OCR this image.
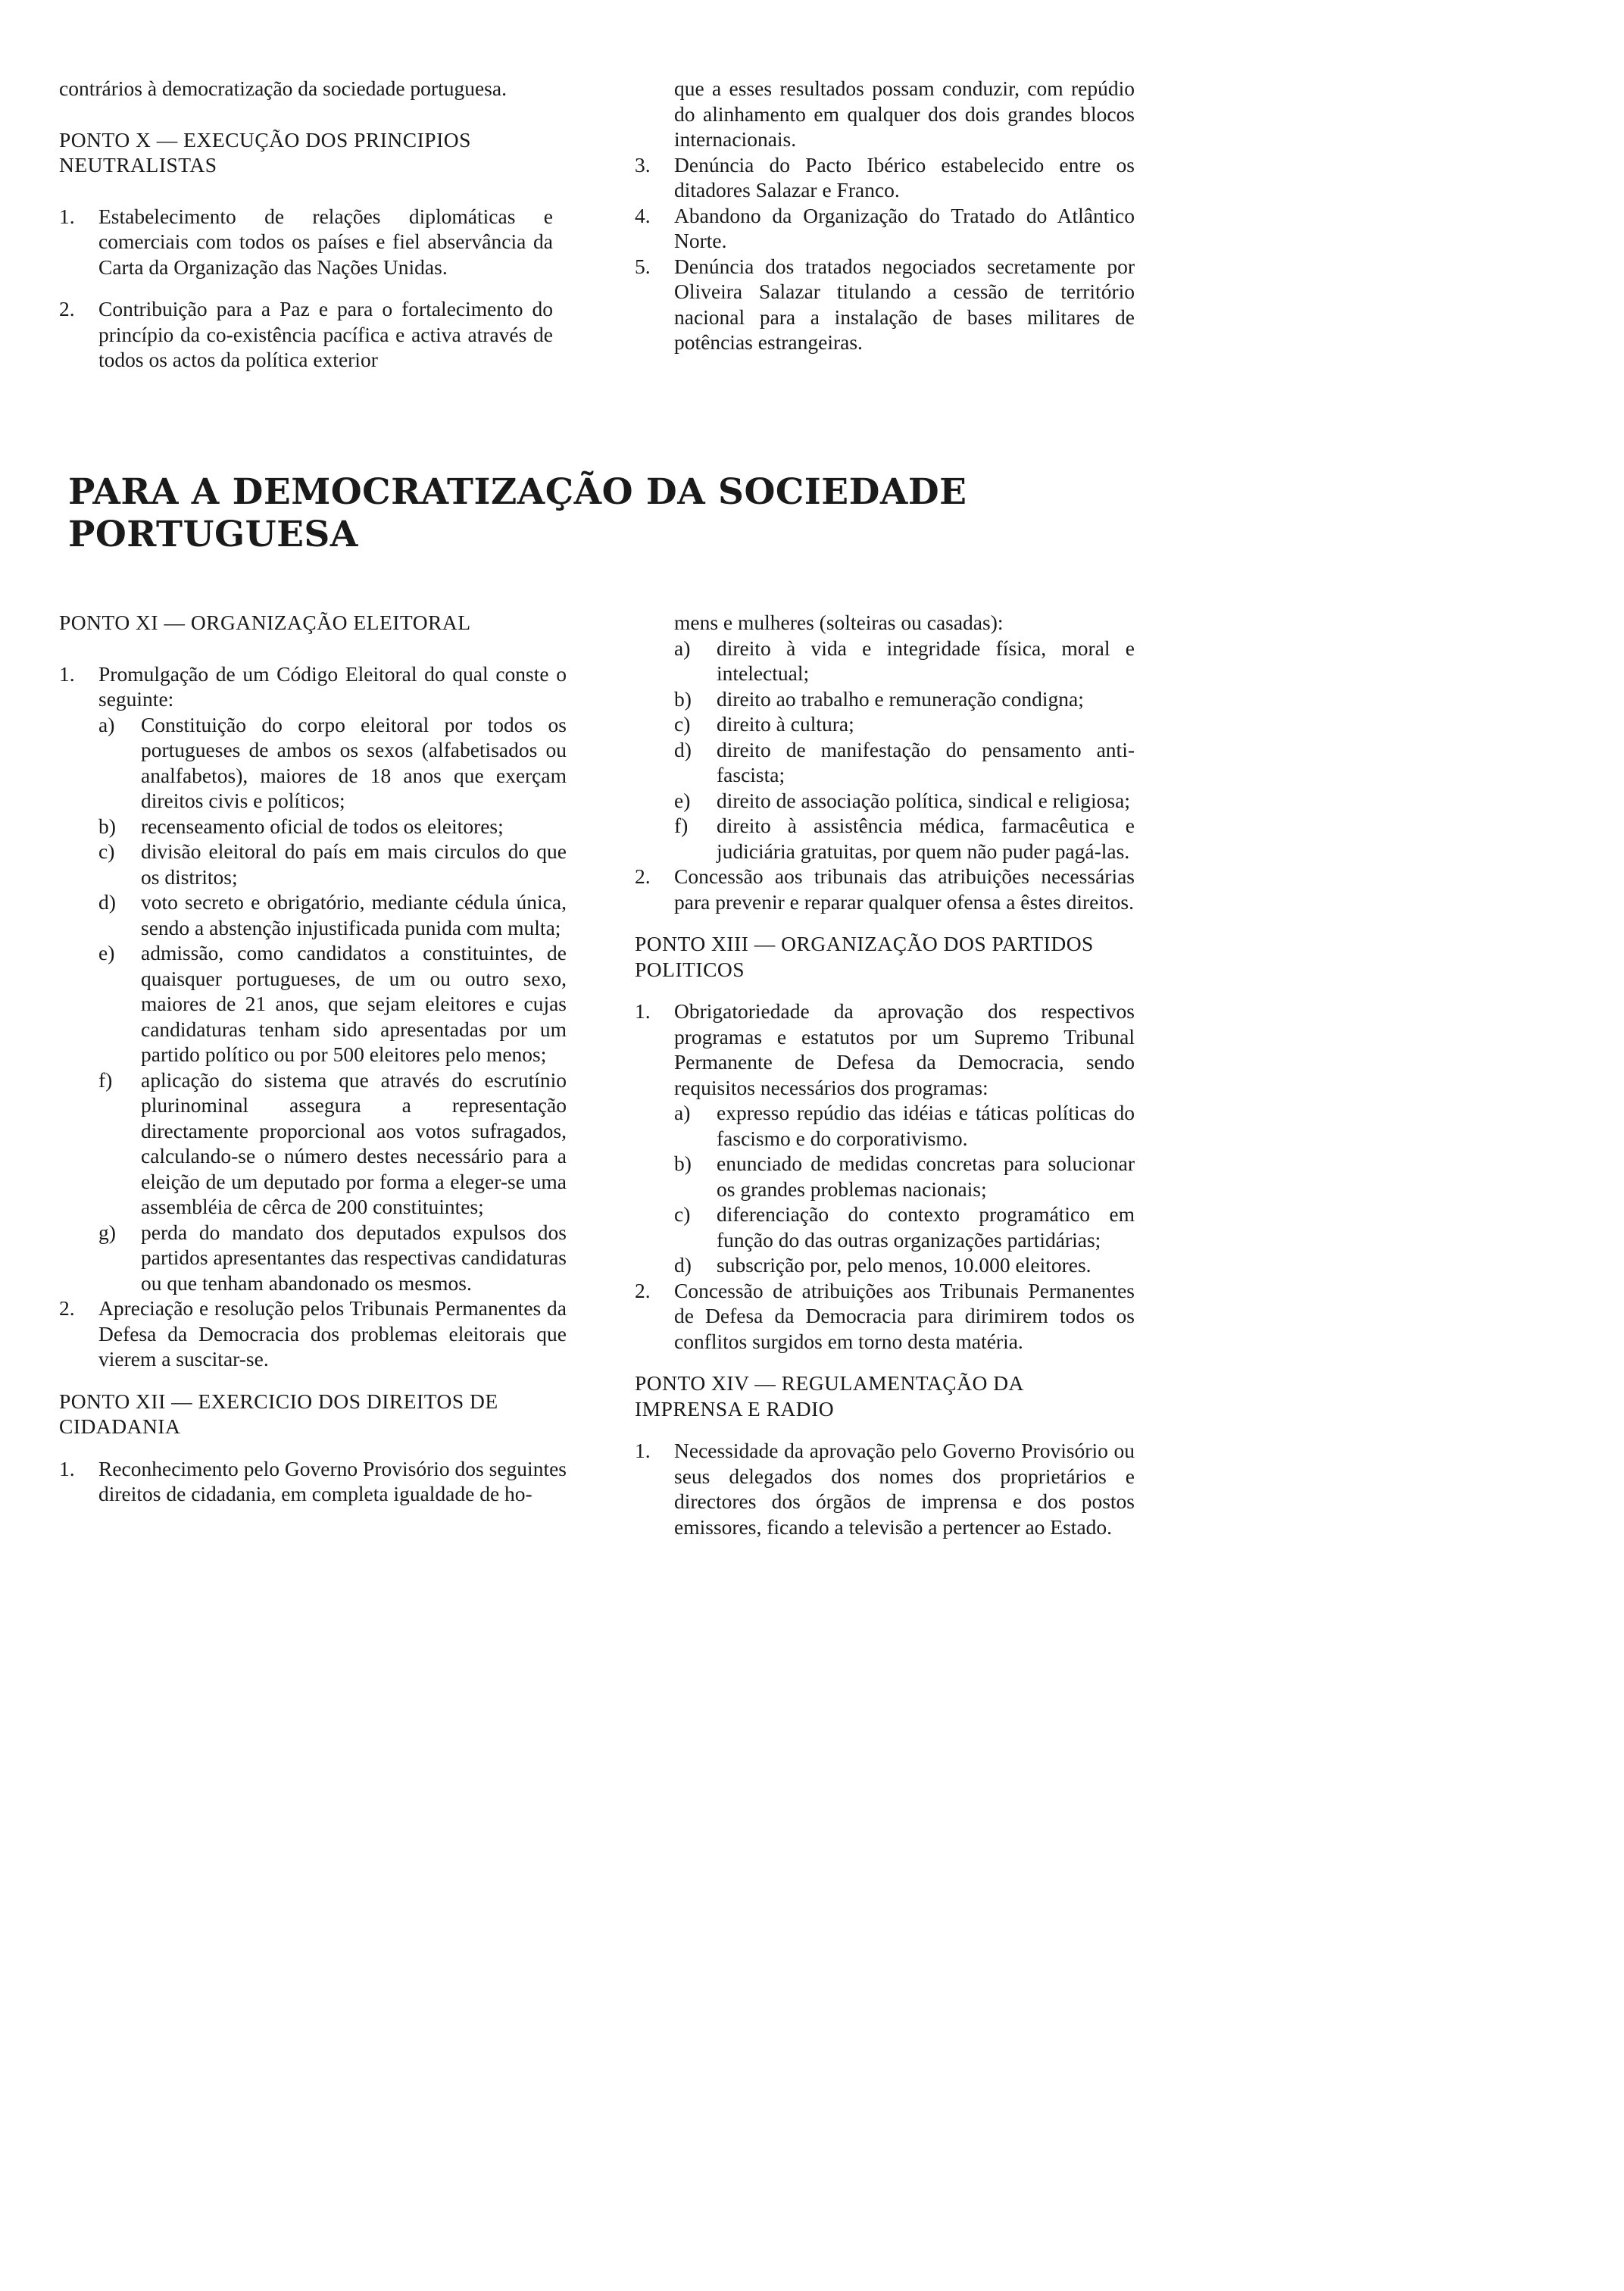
contrários à democratização da sociedade portuguesa.

PONTO X — EXECUÇÃO DOS PRINCIPIOS NEUTRALISTAS

1.	Estabelecimento de relações diplomáticas e comerciais com todos os países e fiel abservância da Carta da Organização das Nações Unidas.
2.	Contribuição para a Paz e para o fortalecimento do princípio da co-existência pacífica e activa através de todos os actos da política exterior
que a esses resultados possam conduzir, com repúdio do alinhamento em qualquer dos dois grandes blocos internacionais.
3.	Denúncia do Pacto Ibérico estabelecido entre os ditadores Salazar e Franco.
4.	Abandono da Organização do Tratado do Atlântico Norte.
5.	Denúncia dos tratados negociados secretamente por Oliveira Salazar titulando a cessão de território nacional para a instalação de bases militares de potências estrangeiras.
PARA A DEMOCRATIZAÇÃO DA SOCIEDADE PORTUGUESA

PONTO XI — ORGANIZAÇÃO ELEITORAL

1.	Promulgação de um Código Eleitoral do qual conste o seguinte:
a)	Constituição do corpo eleitoral por todos os portugueses de ambos os sexos (alfabetisados ou analfabetos), maiores de 18 anos que exerçam direitos civis e políticos;
b)	recenseamento oficial de todos os eleitores;
c)	divisão eleitoral do país em mais circulos do que os distritos;
d)	voto secreto e obrigatório, mediante cédula única, sendo a abstenção injustificada punida com multa;
e)	admissão, como candidatos a constituintes, de quaisquer portugueses, de um ou outro sexo, maiores de 21 anos, que sejam eleitores e cujas candidaturas tenham sido apresentadas por um partido político ou por 500 eleitores pelo menos;
f)	aplicação do sistema que através do escrutínio plurinominal assegura a representação directamente proporcional aos votos sufragados, calculando-se o número destes necessário para a eleição de um deputado por forma a eleger-se uma assembléia de cêrca de 200 constituintes;
g)	perda do mandato dos deputados expulsos dos partidos apresentantes das respectivas candidaturas ou que tenham abandonado os mesmos.
2.	Apreciação e resolução pelos Tribunais Permanentes da Defesa da Democracia dos problemas eleitorais que vierem a suscitar-se.

PONTO XII — EXERCICIO DOS DIREITOS DE CIDADANIA

1.	Reconhecimento pelo Governo Provisório dos seguintes direitos de cidadania, em completa igualdade de ho-
mens e mulheres (solteiras ou casadas):
a)	direito à vida e integridade física, moral e intelectual;
b)	direito ao trabalho e remuneração condigna;
c)	direito à cultura;
d)	direito de manifestação do pensamento anti-fascista;
e)	direito de associação política, sindical e religiosa;
f)	direito à assistência médica, farmacêutica e judiciária gratuitas, por quem não puder pagá-las.
2.	Concessão aos tribunais das atribuições necessárias para prevenir e reparar qualquer ofensa a êstes direitos.

PONTO XIII — ORGANIZAÇÃO DOS PARTIDOS POLITICOS

1.	Obrigatoriedade da aprovação dos respectivos programas e estatutos por um Supremo Tribunal Permanente de Defesa da Democracia, sendo requisitos necessários dos programas:
a)	expresso repúdio das idéias e táticas políticas do fascismo e do corporativismo.
b)	enunciado de medidas concretas para solucionar os grandes problemas nacionais;
c)	diferenciação do contexto programático em função do das outras organizações partidárias;
d)	subscrição por, pelo menos, 10.000 eleitores.
2.	Concessão de atribuições aos Tribunais Permanentes de Defesa da Democracia para dirimirem todos os conflitos surgidos em torno desta matéria.

PONTO XIV — REGULAMENTAÇÃO DA IMPRENSA E RADIO

1.	Necessidade da aprovação pelo Governo Provisório ou seus delegados dos nomes dos proprietários e directores dos órgãos de imprensa e dos postos emissores, ficando a televisão a pertencer ao Estado.
